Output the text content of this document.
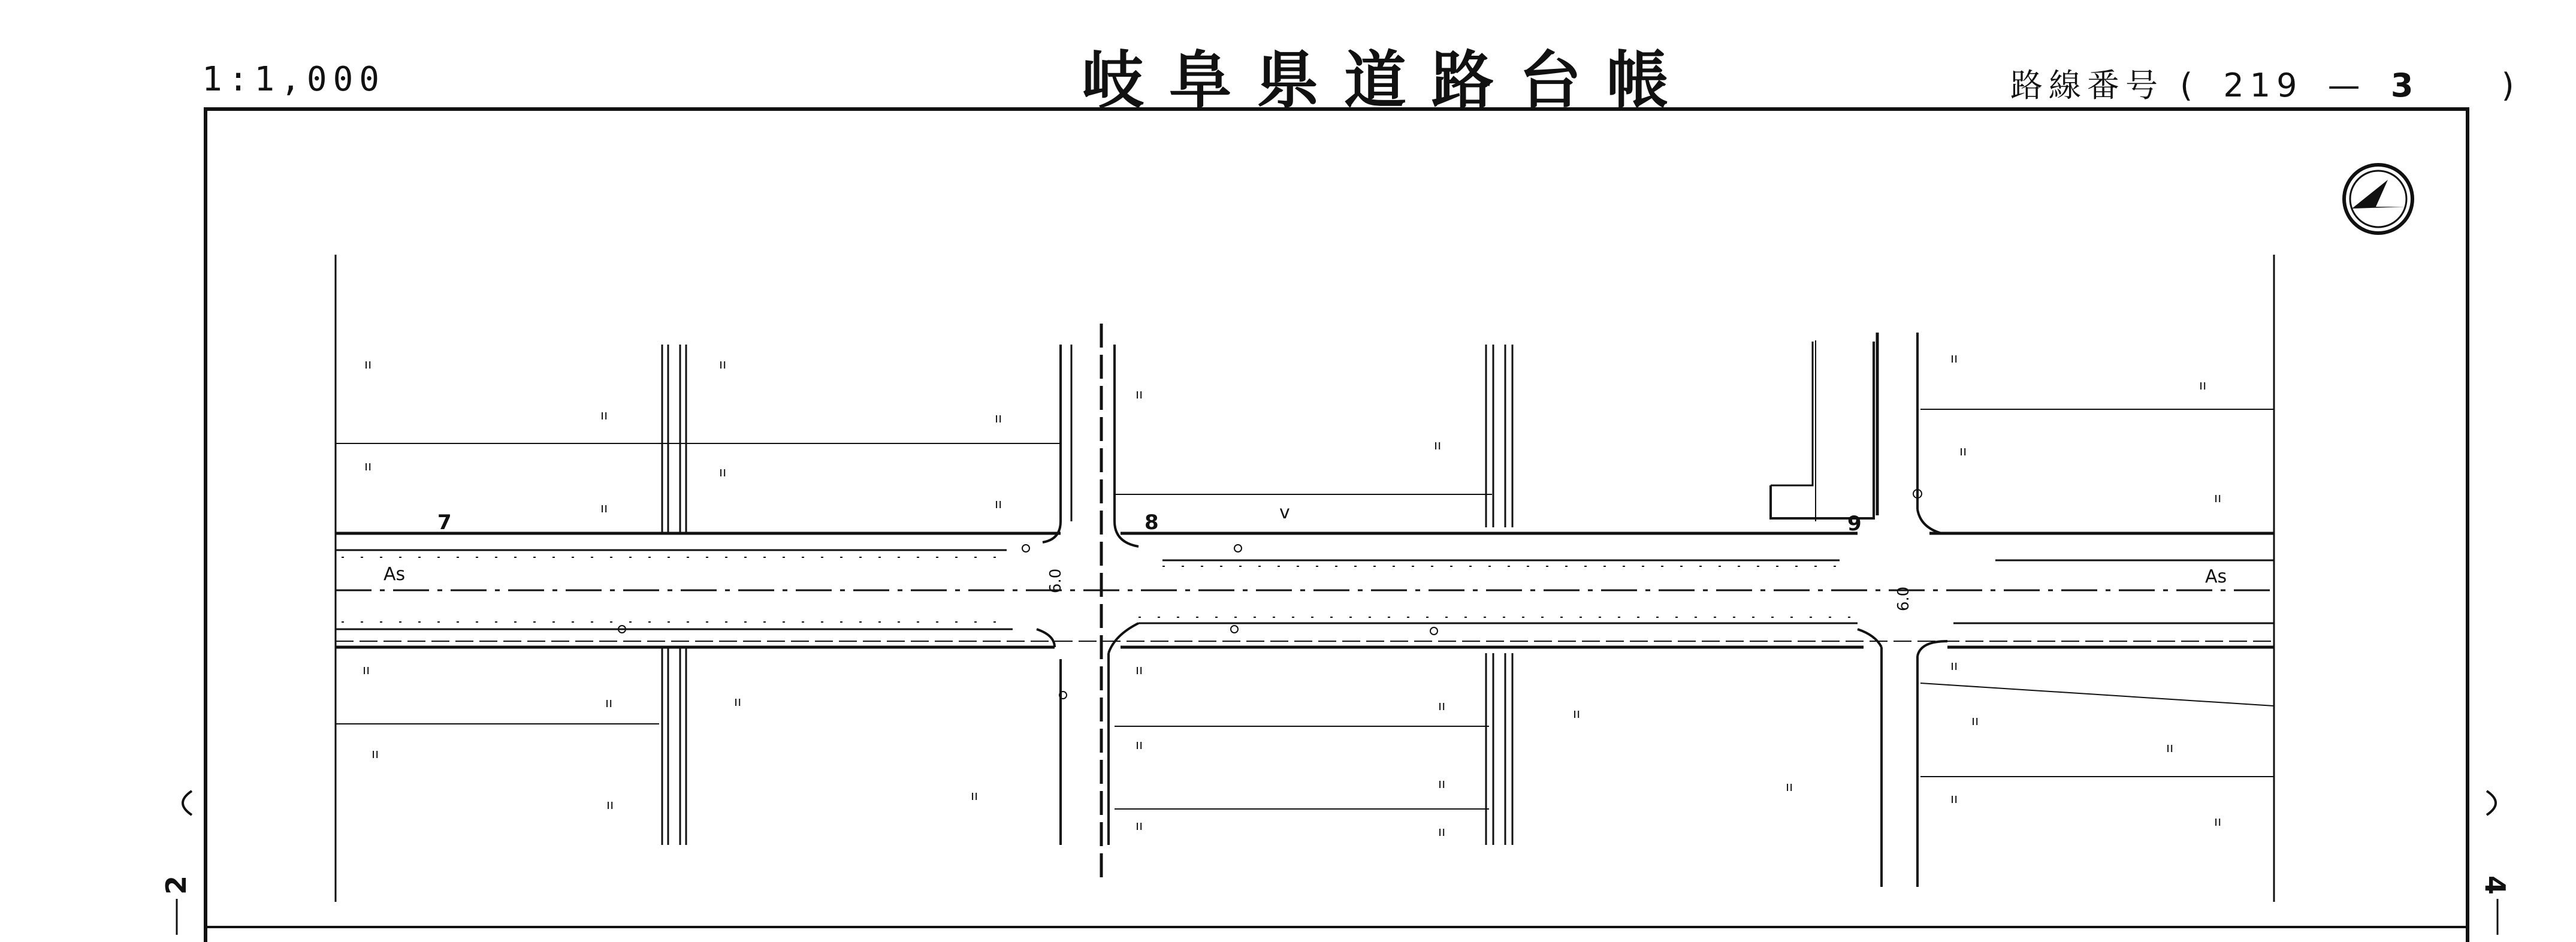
1:1,000	岐阜県道路台帳	路線番号 ( 219 — 3	)
ıı	ıı
ıı	ıı
ıı	ıı
ıı	ıı
ıı
ıı
ıı
ıı
ıı
ıı
ıı
ıı	ıı	ıı
ıı
ıı
ıı
ıı
ıı
ıı
ıı
ıı
ıı
ıı
ıı
ıı	ıı
ıı
ıı
7	8	9
As	As
v
6.0
6.0
2	4
